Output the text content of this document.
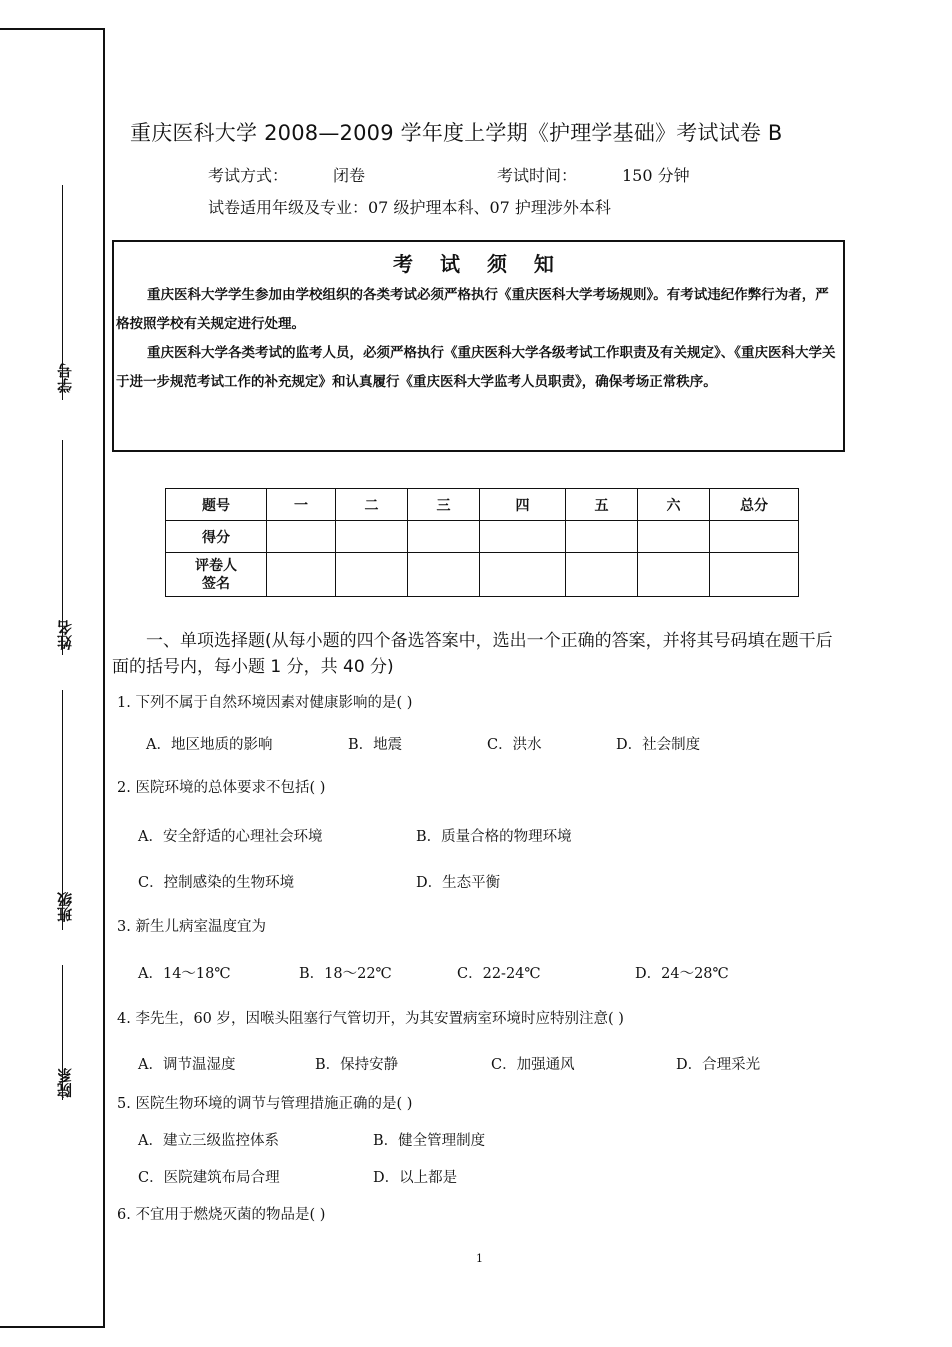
学号
姓名
班级
院系
重庆医科大学 2008—2009 学年度上学期《护理学基础》考试试卷 B
考试方式：	闭卷	考试时间：	150 分钟
试卷适用年级及专业：07 级护理本科、07 护理涉外本科
考 试 须 知

重庆医科大学学生参加由学校组织的各类考试必须严格执行《重庆医科大学考场规则》。有考试违纪作弊行为者，严格按照学校有关规定进行处理。

重庆医科大学各类考试的监考人员，必须严格执行《重庆医科大学各级考试工作职责及有关规定》、《重庆医科大学关于进一步规范考试工作的补充规定》和认真履行《重庆医科大学监考人员职责》，确保考场正常秩序。

题号	一	二	三	四	五	六	总分
得分							

评卷人
签名							

一、单项选择题(从每小题的四个备选答案中，选出一个正确的答案，并将其号码填在题干后面的括号内，每小题 1 分，共 40 分)
1. 下列不属于自然环境因素对健康影响的是( )
A．地区地质的影响	B．地震	C．洪水	D．社会制度
2. 医院环境的总体要求不包括( )
A．安全舒适的心理社会环境	B．质量合格的物理环境
C．控制感染的生物环境	D．生态平衡
3. 新生儿病室温度宜为
A．14～18℃	B．18～22℃	C．22-24℃	D．24～28℃
4. 李先生，60 岁，因喉头阻塞行气管切开，为其安置病室环境时应特别注意( )
A．调节温湿度	B．保持安静	C．加强通风	D．合理采光
5. 医院生物环境的调节与管理措施正确的是( )
A．建立三级监控体系	B．健全管理制度
C．医院建筑布局合理	D．以上都是
6. 不宜用于燃烧灭菌的物品是( )
1
